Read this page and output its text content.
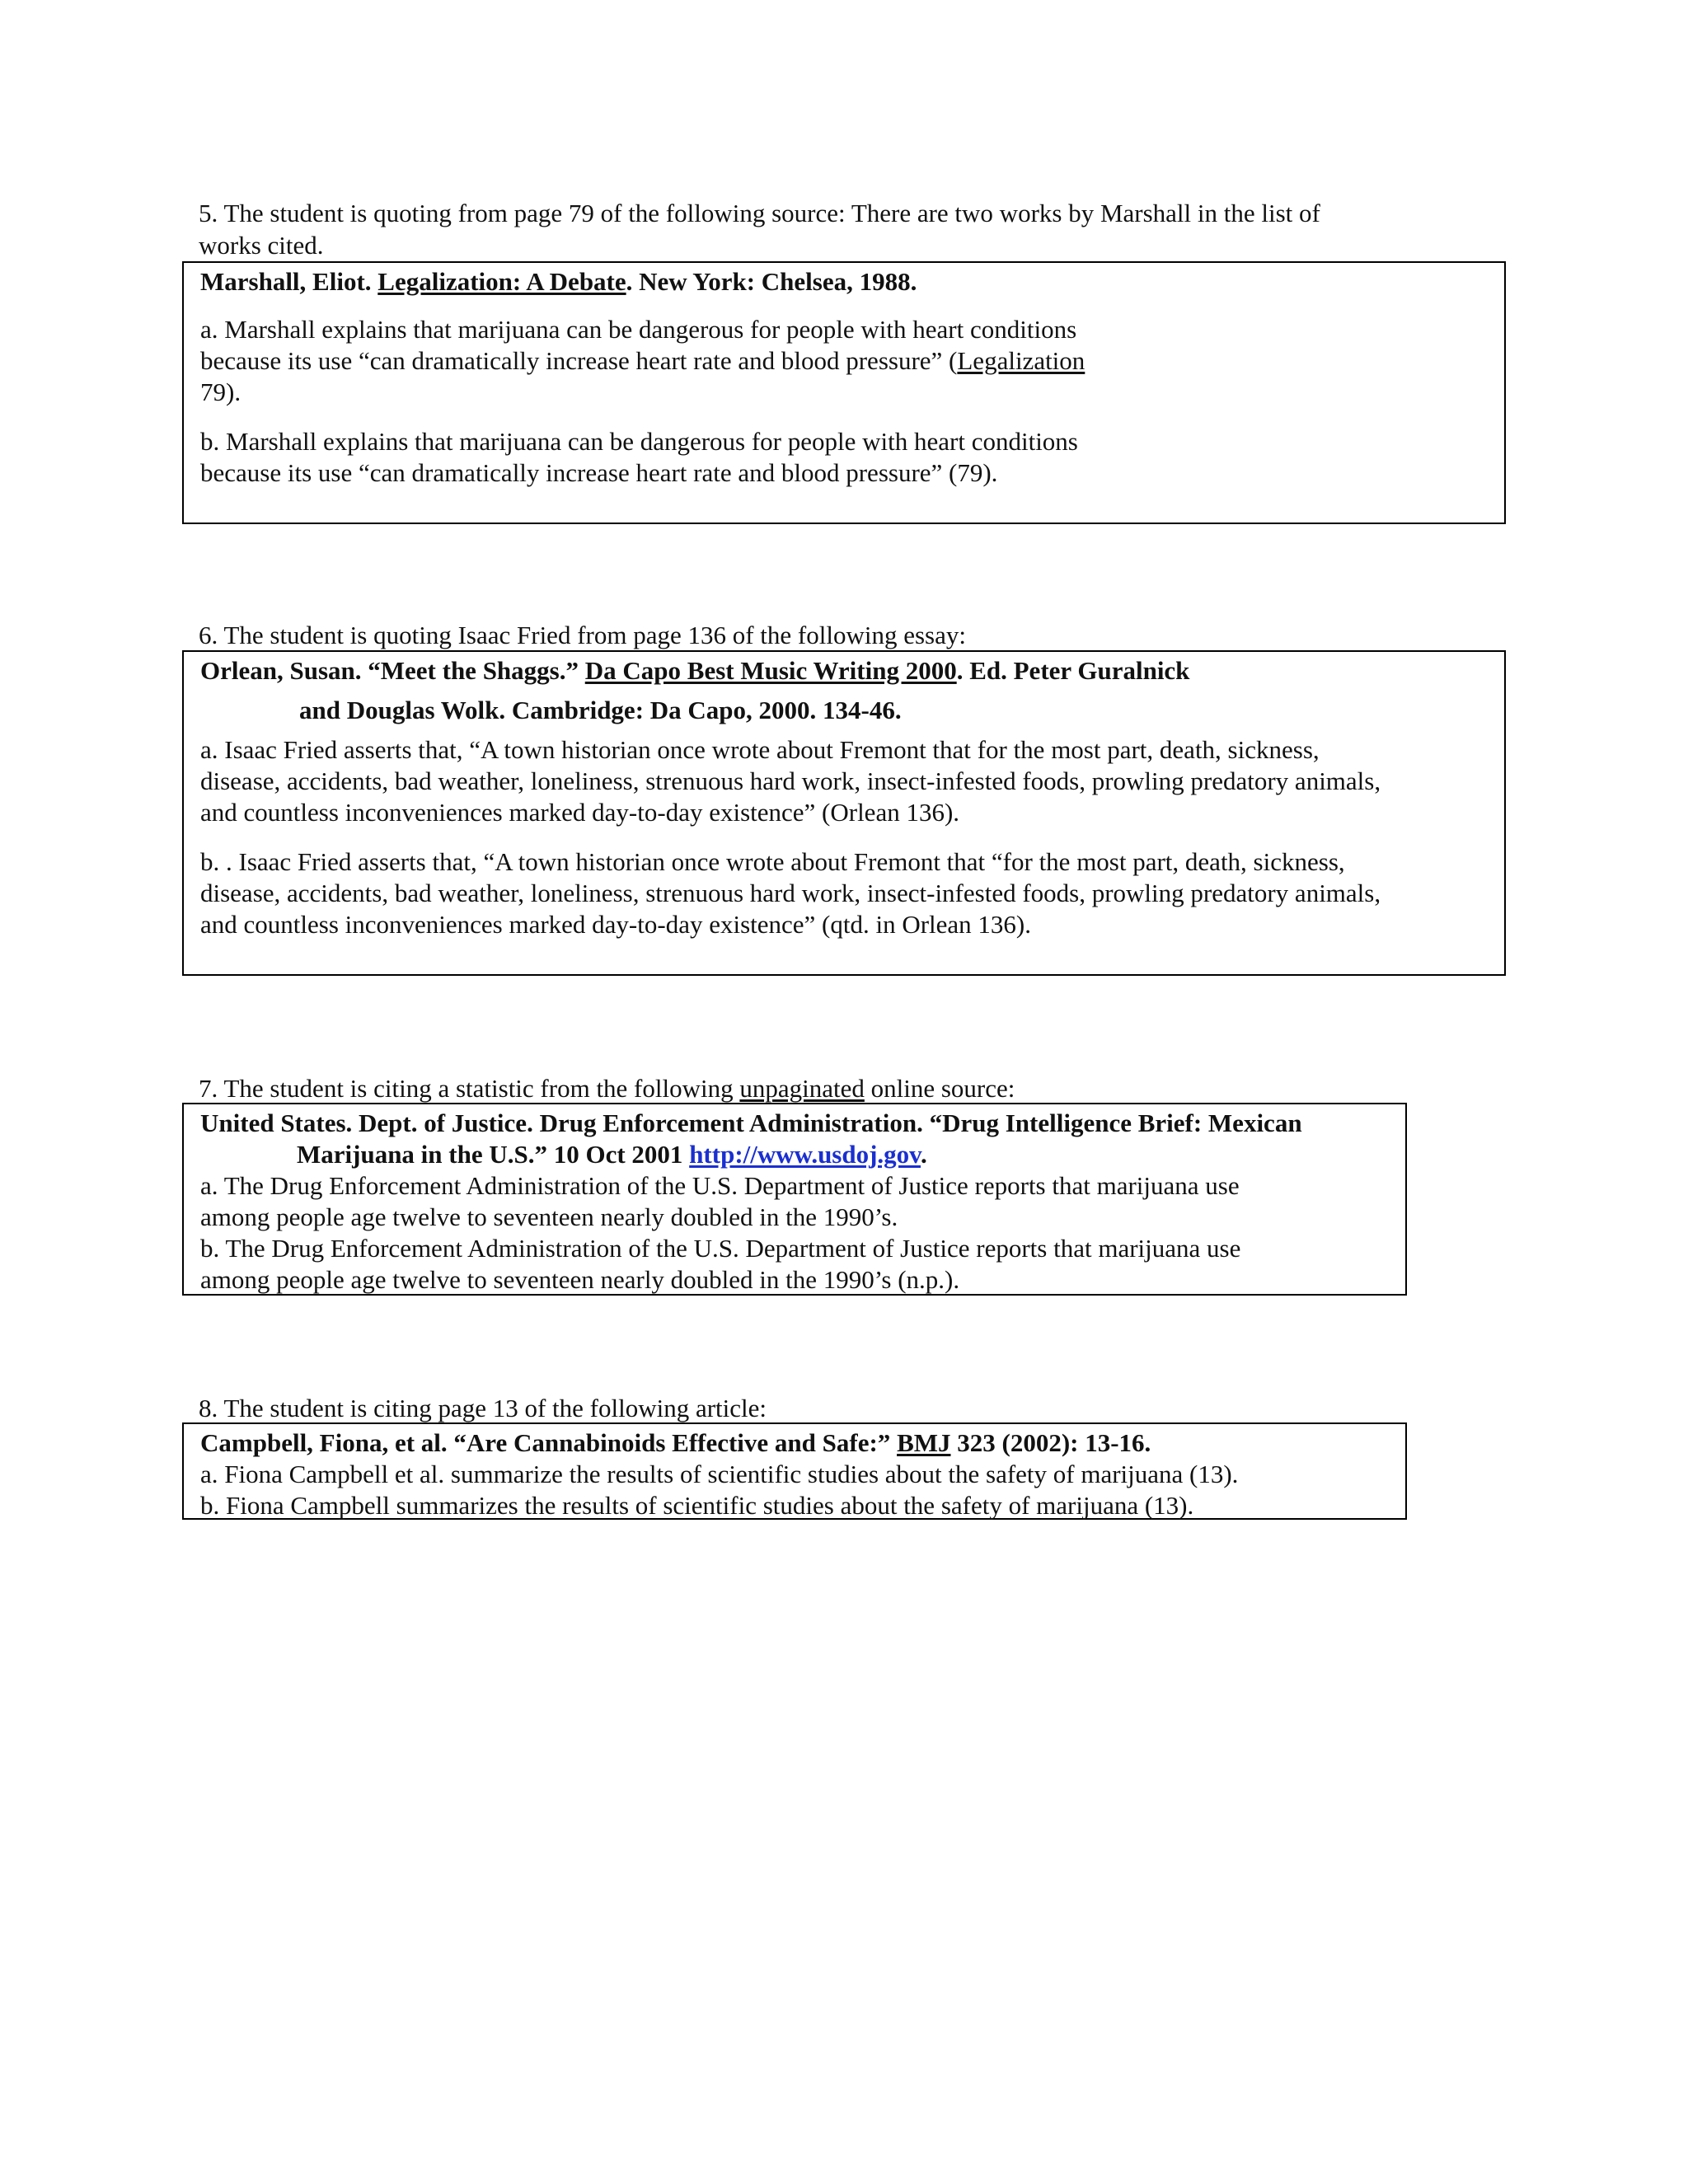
5. The student is quoting from page 79 of the following source: There are two works by Marshall in the list of
works cited.

Marshall, Eliot. Legalization: A Debate. New York: Chelsea, 1988.

a. Marshall explains that marijuana can be dangerous for people with heart conditions
because its use “can dramatically increase heart rate and blood pressure” (Legalization
79).

b. Marshall explains that marijuana can be dangerous for people with heart conditions
because its use “can dramatically increase heart rate and blood pressure” (79).

6. The student is quoting Isaac Fried from page 136 of the following essay:

Orlean, Susan. “Meet the Shaggs.” Da Capo Best Music Writing 2000. Ed. Peter Guralnick

and Douglas Wolk. Cambridge: Da Capo, 2000. 134-46.

a. Isaac Fried asserts that, “A town historian once wrote about Fremont that for the most part, death, sickness,
disease, accidents, bad weather, loneliness, strenuous hard work, insect-infested foods, prowling predatory animals,
and countless inconveniences marked day-to-day existence” (Orlean 136).

b. . Isaac Fried asserts that, “A town historian once wrote about Fremont that “for the most part, death, sickness,
disease, accidents, bad weather, loneliness, strenuous hard work, insect-infested foods, prowling predatory animals,
and countless inconveniences marked day-to-day existence” (qtd. in Orlean 136).

7. The student is citing a statistic from the following unpaginated online source:

United States. Dept. of Justice. Drug Enforcement Administration. “Drug Intelligence Brief: Mexican
Marijuana in the U.S.” 10 Oct 2001 http://www.usdoj.gov.

a. The Drug Enforcement Administration of the U.S. Department of Justice reports that marijuana use
among people age twelve to seventeen nearly doubled in the 1990’s.

b. The Drug Enforcement Administration of the U.S. Department of Justice reports that marijuana use
among people age twelve to seventeen nearly doubled in the 1990’s (n.p.).

8. The student is citing page 13 of the following article:

Campbell, Fiona, et al. “Are Cannabinoids Effective and Safe:” BMJ 323 (2002): 13-16.

a. Fiona Campbell et al. summarize the results of scientific studies about the safety of marijuana (13).

b. Fiona Campbell summarizes the results of scientific studies about the safety of marijuana (13).
